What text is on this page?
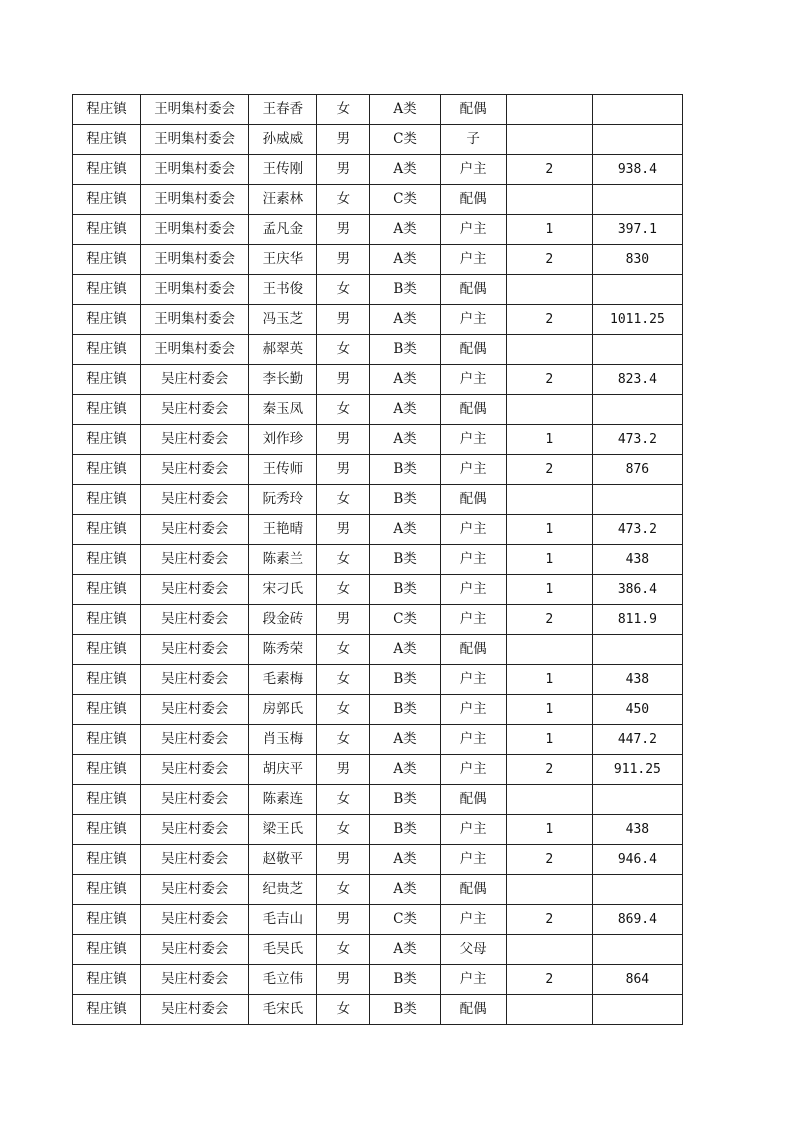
程庄镇	王明集村委会	王春香	女	A类	配偶		
程庄镇	王明集村委会	孙威威	男	C类	子		
程庄镇	王明集村委会	王传刚	男	A类	户主	2	938.4
程庄镇	王明集村委会	汪素林	女	C类	配偶		
程庄镇	王明集村委会	孟凡金	男	A类	户主	1	397.1
程庄镇	王明集村委会	王庆华	男	A类	户主	2	830
程庄镇	王明集村委会	王书俊	女	B类	配偶		
程庄镇	王明集村委会	冯玉芝	男	A类	户主	2	1011.25
程庄镇	王明集村委会	郝翠英	女	B类	配偶		
程庄镇	吴庄村委会	李长勤	男	A类	户主	2	823.4
程庄镇	吴庄村委会	秦玉凤	女	A类	配偶		
程庄镇	吴庄村委会	刘作珍	男	A类	户主	1	473.2
程庄镇	吴庄村委会	王传师	男	B类	户主	2	876
程庄镇	吴庄村委会	阮秀玲	女	B类	配偶		
程庄镇	吴庄村委会	王艳晴	男	A类	户主	1	473.2
程庄镇	吴庄村委会	陈素兰	女	B类	户主	1	438
程庄镇	吴庄村委会	宋刁氏	女	B类	户主	1	386.4
程庄镇	吴庄村委会	段金砖	男	C类	户主	2	811.9
程庄镇	吴庄村委会	陈秀荣	女	A类	配偶		
程庄镇	吴庄村委会	毛素梅	女	B类	户主	1	438
程庄镇	吴庄村委会	房郭氏	女	B类	户主	1	450
程庄镇	吴庄村委会	肖玉梅	女	A类	户主	1	447.2
程庄镇	吴庄村委会	胡庆平	男	A类	户主	2	911.25
程庄镇	吴庄村委会	陈素连	女	B类	配偶		
程庄镇	吴庄村委会	梁王氏	女	B类	户主	1	438
程庄镇	吴庄村委会	赵敬平	男	A类	户主	2	946.4
程庄镇	吴庄村委会	纪贵芝	女	A类	配偶		
程庄镇	吴庄村委会	毛吉山	男	C类	户主	2	869.4
程庄镇	吴庄村委会	毛吴氏	女	A类	父母		
程庄镇	吴庄村委会	毛立伟	男	B类	户主	2	864
程庄镇	吴庄村委会	毛宋氏	女	B类	配偶		
